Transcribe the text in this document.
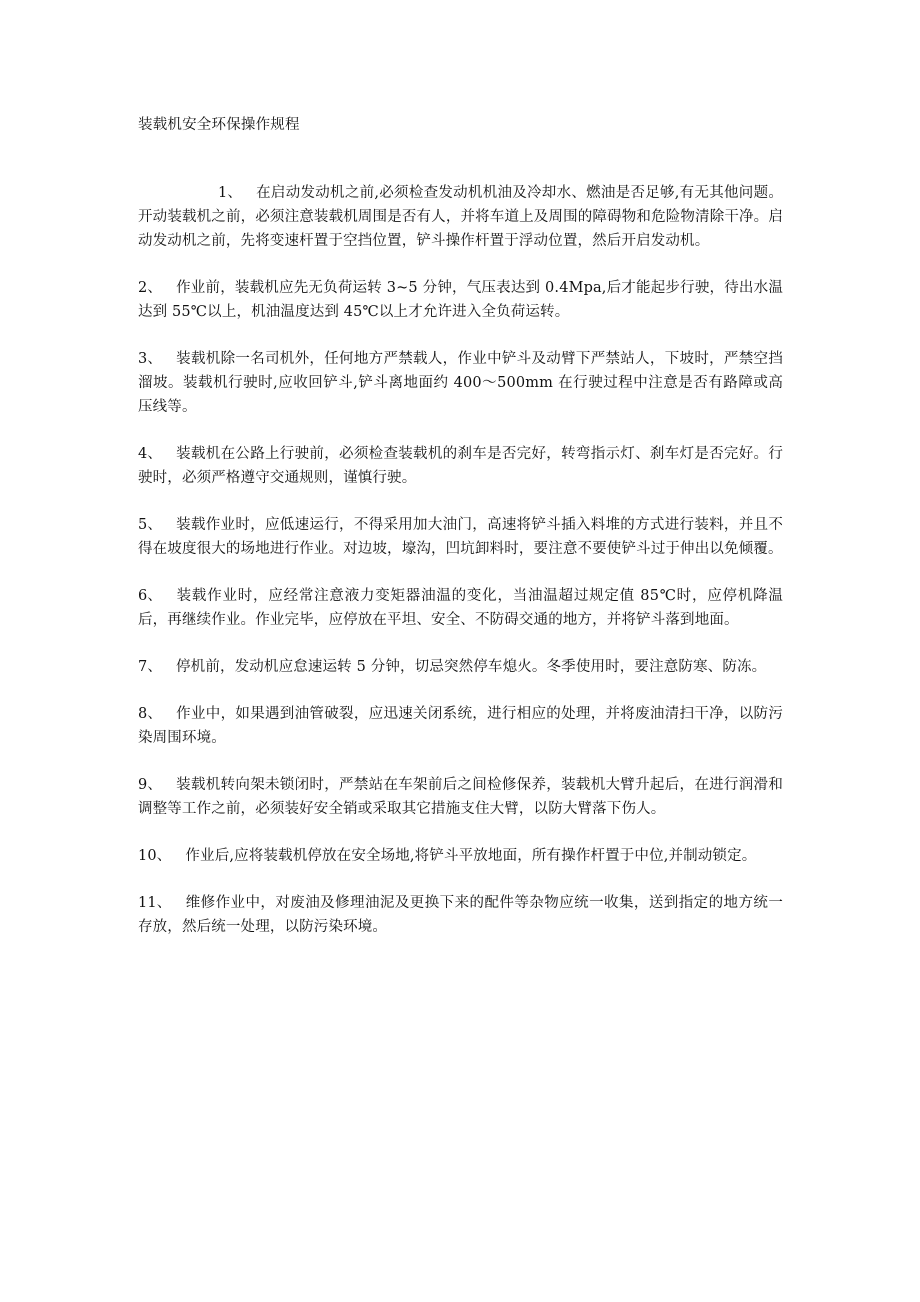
装载机安全环保操作规程

1、 在启动发动机之前,必须检查发动机机油及冷却水、燃油是否足够,有无其他问题。开动装载机之前，必须注意装载机周围是否有人，并将车道上及周围的障碍物和危险物清除干净。启动发动机之前，先将变速杆置于空挡位置，铲斗操作杆置于浮动位置，然后开启发动机。

2、 作业前，装载机应先无负荷运转 3~5 分钟，气压表达到 0.4Mpa,后才能起步行驶，待出水温达到 55℃以上，机油温度达到 45℃以上才允许进入全负荷运转。

3、 装载机除一名司机外，任何地方严禁载人，作业中铲斗及动臂下严禁站人，下坡时，严禁空挡溜坡。装载机行驶时,应收回铲斗,铲斗离地面约 400～500mm 在行驶过程中注意是否有路障或高压线等。

4、 装载机在公路上行驶前，必须检查装载机的刹车是否完好，转弯指示灯、刹车灯是否完好。行驶时，必须严格遵守交通规则，谨慎行驶。

5、 装载作业时，应低速运行，不得采用加大油门，高速将铲斗插入料堆的方式进行装料，并且不得在坡度很大的场地进行作业。对边坡，壕沟，凹坑卸料时，要注意不要使铲斗过于伸出以免倾覆。

6、 装载作业时，应经常注意液力变矩器油温的变化，当油温超过规定值 85℃时，应停机降温后，再继续作业。作业完毕，应停放在平坦、安全、不防碍交通的地方，并将铲斗落到地面。

7、 停机前，发动机应怠速运转 5 分钟，切忌突然停车熄火。冬季使用时，要注意防寒、防冻。

8、 作业中，如果遇到油管破裂，应迅速关闭系统，进行相应的处理，并将废油清扫干净，以防污染周围环境。

9、 装载机转向架未锁闭时，严禁站在车架前后之间检修保养，装载机大臂升起后，在进行润滑和调整等工作之前，必须装好安全销或采取其它措施支住大臂，以防大臂落下伤人。

10、 作业后,应将装载机停放在安全场地,将铲斗平放地面，所有操作杆置于中位,并制动锁定。

11、 维修作业中，对废油及修理油泥及更换下来的配件等杂物应统一收集，送到指定的地方统一存放，然后统一处理，以防污染环境。
